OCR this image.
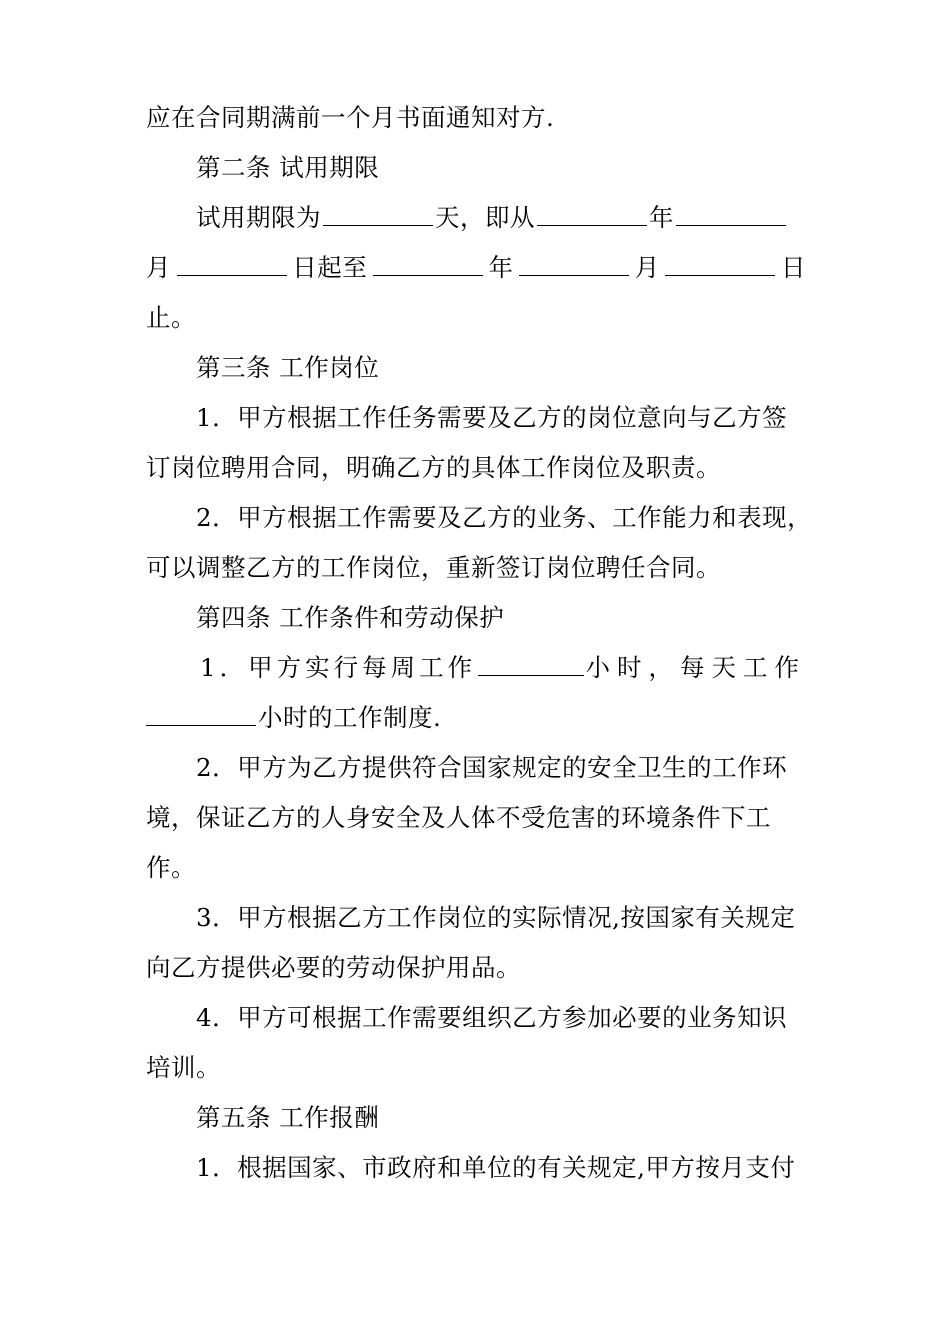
应在合同期满前一个月书面通知对方.
第二条 试用期限
试用期限为	天，即从	年
月	日起至	年	月	日
止。
第三条 工作岗位
1．甲方根据工作任务需要及乙方的岗位意向与乙方签
订岗位聘用合同，明确乙方的具体工作岗位及职责。
2．甲方根据工作需要及乙方的业务、工作能力和表现，
可以调整乙方的工作岗位，重新签订岗位聘任合同。
第四条 工作条件和劳动保护
1．甲方实行每周工作	小时，每天工作
小时的工作制度.
2．甲方为乙方提供符合国家规定的安全卫生的工作环
境，保证乙方的人身安全及人体不受危害的环境条件下工
作。
3．甲方根据乙方工作岗位的实际情况,按国家有关规定
向乙方提供必要的劳动保护用品。
4．甲方可根据工作需要组织乙方参加必要的业务知识
培训。
第五条 工作报酬
1．根据国家、市政府和单位的有关规定,甲方按月支付
